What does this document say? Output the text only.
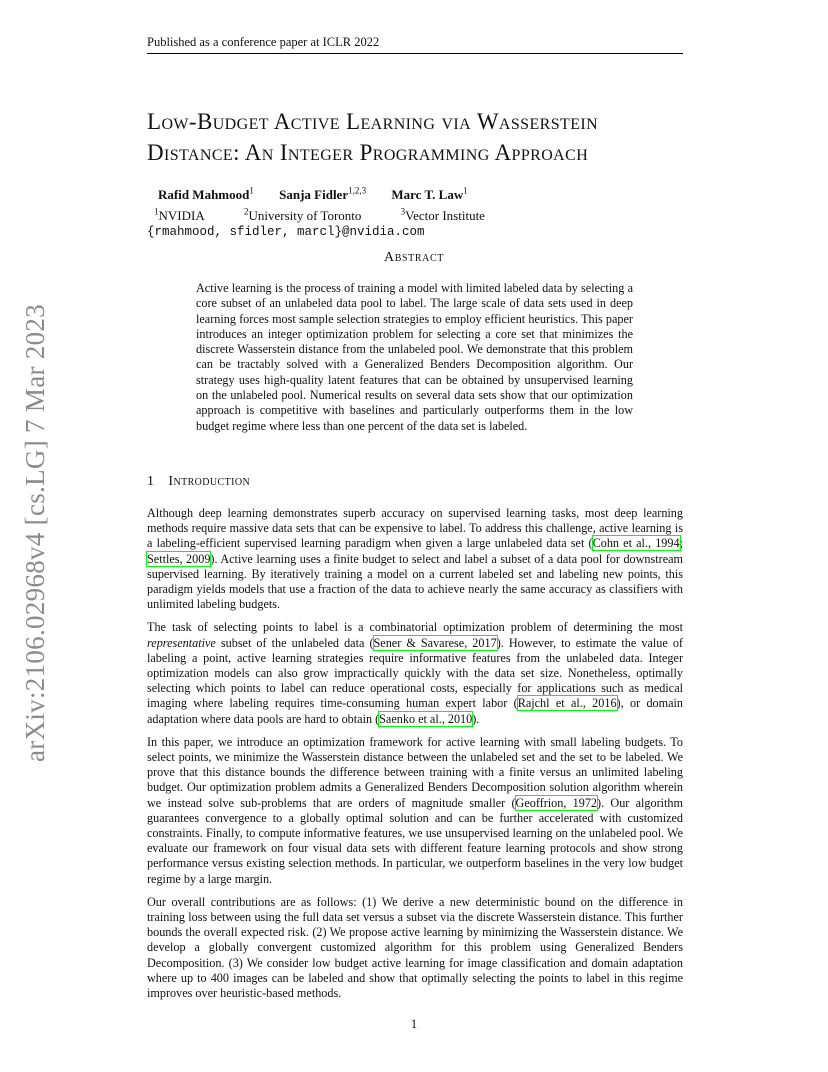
Published as a conference paper at ICLR 2022
arXiv:2106.02968v4 [cs.LG] 7 Mar 2023
Low-Budget Active Learning via Wasserstein
Distance: An Integer Programming Approach
Rafid Mahmood$^1$ Sanja Fidler$^{1,2,3}$ Marc T. Law$^1$
$^1$NVIDIA	$^2$University of Toronto	$^3$Vector Institute
{rmahmood, sfidler, marcl}@nvidia.com
Abstract
Active learning is the process of training a model with limited labeled data by selecting a core subset of an unlabeled data pool to label. The large scale of data sets used in deep learning forces most sample selection strategies to employ efficient heuristics. This paper introduces an integer optimization problem for selecting a core set that minimizes the discrete Wasserstein distance from the unlabeled pool. We demonstrate that this problem can be tractably solved with a Generalized Benders Decomposition algorithm. Our strategy uses high-quality latent features that can be obtained by unsupervised learning on the unlabeled pool. Numerical results on several data sets show that our optimization approach is competitive with baselines and particularly outperforms them in the low budget regime where less than one percent of the data set is labeled.
1 Introduction

Although deep learning demonstrates superb accuracy on supervised learning tasks, most deep learning methods require massive data sets that can be expensive to label. To address this challenge, active learning is a labeling-efficient supervised learning paradigm when given a large unlabeled data set (Cohn et al., 1994; Settles, 2009). Active learning uses a finite budget to select and label a subset of a data pool for downstream supervised learning. By iteratively training a model on a current labeled set and labeling new points, this paradigm yields models that use a fraction of the data to achieve nearly the same accuracy as classifiers with unlimited labeling budgets.

The task of selecting points to label is a combinatorial optimization problem of determining the most representative subset of the unlabeled data (Sener & Savarese, 2017). However, to estimate the value of labeling a point, active learning strategies require informative features from the unlabeled data. Integer optimization models can also grow impractically quickly with the data set size. Nonetheless, optimally selecting which points to label can reduce operational costs, especially for applications such as medical imaging where labeling requires time-consuming human expert labor (Rajchl et al., 2016), or domain adaptation where data pools are hard to obtain (Saenko et al., 2010).

In this paper, we introduce an optimization framework for active learning with small labeling budgets. To select points, we minimize the Wasserstein distance between the unlabeled set and the set to be labeled. We prove that this distance bounds the difference between training with a finite versus an unlimited labeling budget. Our optimization problem admits a Generalized Benders Decomposition solution algorithm wherein we instead solve sub-problems that are orders of magnitude smaller (Geoffrion, 1972). Our algorithm guarantees convergence to a globally optimal solution and can be further accelerated with customized constraints. Finally, to compute informative features, we use unsupervised learning on the unlabeled pool. We evaluate our framework on four visual data sets with different feature learning protocols and show strong performance versus existing selection methods. In particular, we outperform baselines in the very low budget regime by a large margin.

Our overall contributions are as follows: (1) We derive a new deterministic bound on the difference in training loss between using the full data set versus a subset via the discrete Wasserstein distance. This further bounds the overall expected risk. (2) We propose active learning by minimizing the Wasserstein distance. We develop a globally convergent customized algorithm for this problem using Generalized Benders Decomposition. (3) We consider low budget active learning for image classification and domain adaptation where up to 400 images can be labeled and show that optimally selecting the points to label in this regime improves over heuristic-based methods.

1
